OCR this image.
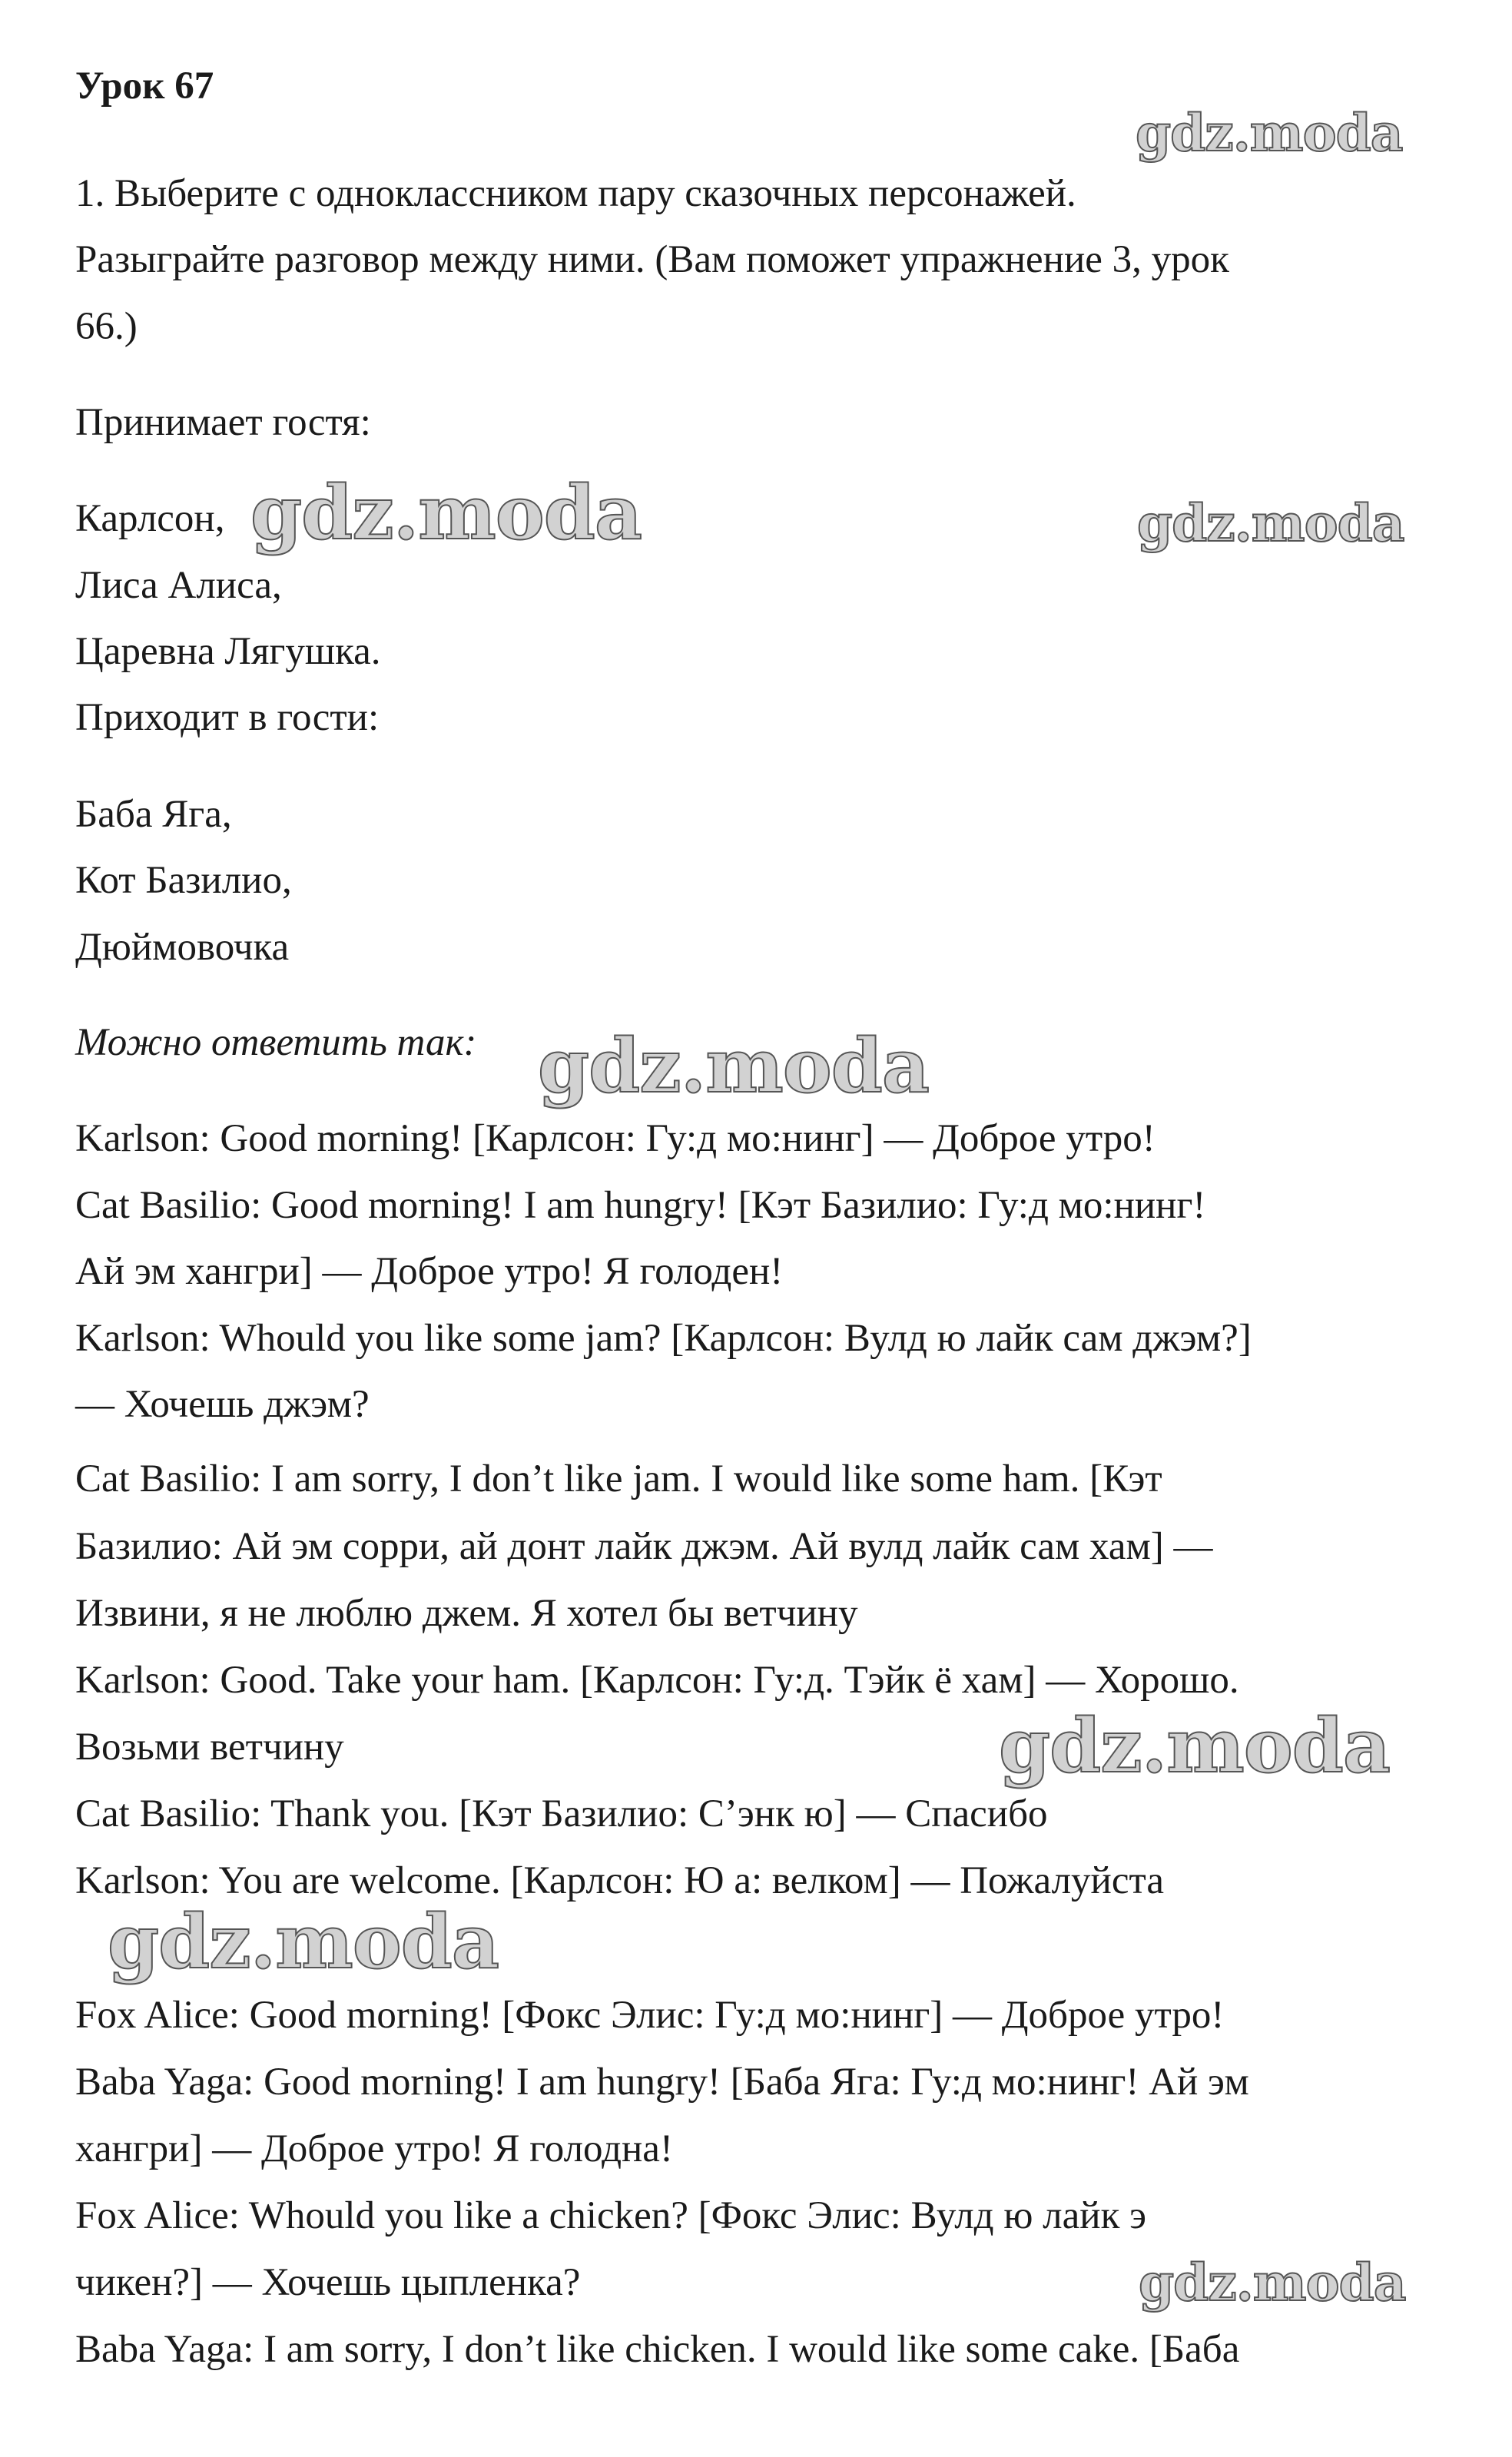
Урок 67
1. Выберите с одноклассником пару сказочных персонажей.
Разыграйте разговор между ними. (Вам поможет упражнение 3, урок
66.)
Принимает гостя:
Карлсон,
Лиса Алиса,
Царевна Лягушка.
Приходит в гости:
Баба Яга,
Кот Базилио,
Дюймовочка
Можно ответить так:
Karlson: Good morning! [Карлсон: Гу:д мо:нинг] — Доброе утро!
Cat Basilio: Good morning! I am hungry! [Кэт Базилио: Гу:д мо:нинг!
Ай эм хангри] — Доброе утро! Я голоден!
Karlson: Whould you like some jam? [Карлсон: Вулд ю лайк сам джэм?]
— Хочешь джэм?
Cat Basilio: I am sorry, I don’t like jam. I would like some ham. [Кэт
Базилио: Ай эм сорри, ай донт лайк джэм. Ай вулд лайк сам хам] —
Извини, я не люблю джем. Я хотел бы ветчину
Karlson: Good. Take your ham. [Карлсон: Гу:д. Тэйк ё хам] — Хорошо.
Возьми ветчину
Cat Basilio: Thank you. [Кэт Базилио: С’энк ю] — Спасибо
Karlson: You are welcome. [Карлсон: Ю а: велком] — Пожалуйста
Fox Alice: Good morning! [Фокс Элис: Гу:д мо:нинг] — Доброе утро!
Baba Yaga: Good morning! I am hungry! [Баба Яга: Гу:д мо:нинг! Ай эм
хангри] — Доброе утро! Я голодна!
Fox Alice: Whould you like a chicken? [Фокс Элис: Вулд ю лайк э
чикен?] — Хочешь цыпленка?
Baba Yaga: I am sorry, I don’t like chicken. I would like some cake. [Баба
gdz.moda
gdz.moda	gdz.moda
gdz.moda
gdz.moda
gdz.moda
gdz.moda
